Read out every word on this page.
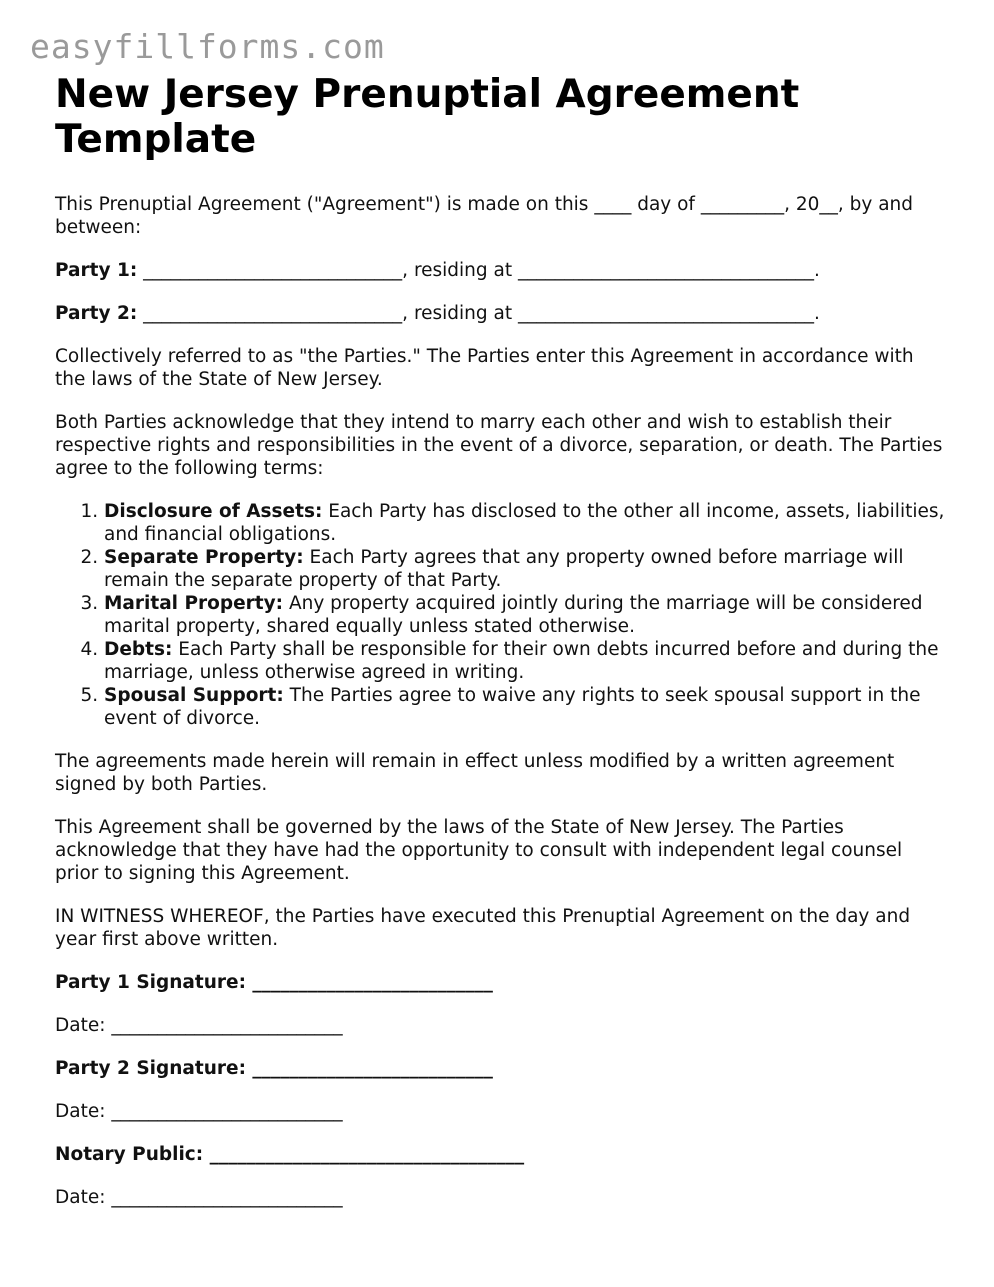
easyfillforms.com
New Jersey Prenuptial Agreement Template

This Prenuptial Agreement ("Agreement") is made on this ____ day of _________, 20__, by and between:

Party 1: ____________________________, residing at ________________________________.

Party 2: ____________________________, residing at ________________________________.

Collectively referred to as "the Parties." The Parties enter this Agreement in accordance with the laws of the State of New Jersey.

Both Parties acknowledge that they intend to marry each other and wish to establish their respective rights and responsibilities in the event of a divorce, separation, or death. The Parties agree to the following terms:

1. Disclosure of Assets: Each Party has disclosed to the other all income, assets, liabilities, and financial obligations.
2. Separate Property: Each Party agrees that any property owned before marriage will remain the separate property of that Party.
3. Marital Property: Any property acquired jointly during the marriage will be considered marital property, shared equally unless stated otherwise.
4. Debts: Each Party shall be responsible for their own debts incurred before and during the marriage, unless otherwise agreed in writing.
5. Spousal Support: The Parties agree to waive any rights to seek spousal support in the event of divorce.

The agreements made herein will remain in effect unless modified by a written agreement signed by both Parties.

This Agreement shall be governed by the laws of the State of New Jersey. The Parties acknowledge that they have had the opportunity to consult with independent legal counsel prior to signing this Agreement.

IN WITNESS WHEREOF, the Parties have executed this Prenuptial Agreement on the day and year first above written.

Party 1 Signature: __________________________

Date: _________________________

Party 2 Signature: __________________________

Date: _________________________

Notary Public: __________________________________

Date: _________________________
